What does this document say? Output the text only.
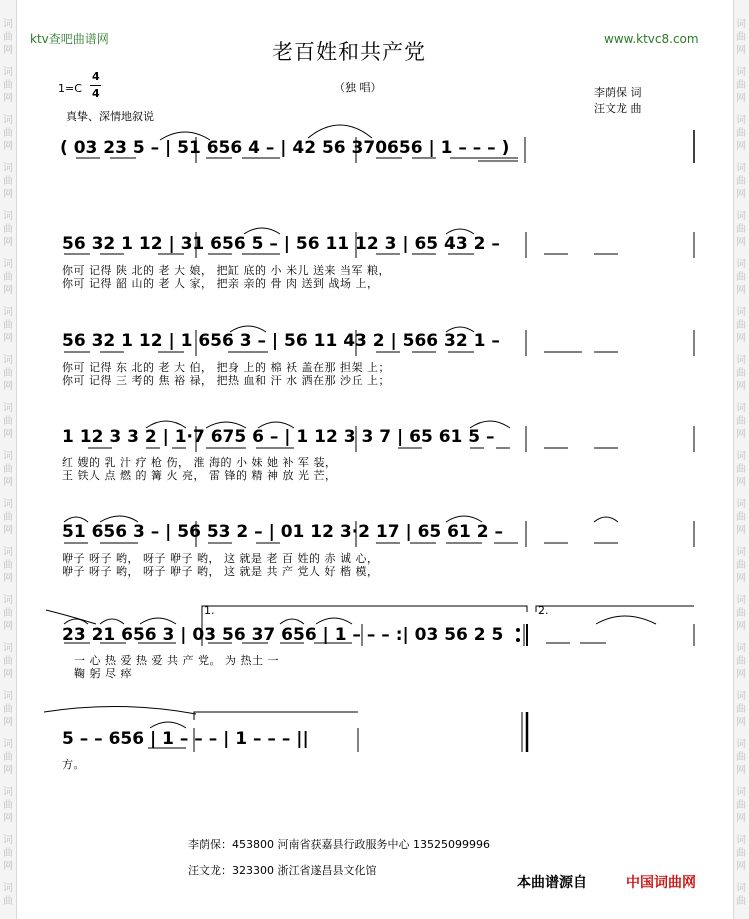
词
曲
网
词
曲
网
词
曲
网
词
曲
网
词
曲
网
词
曲
网
词
曲
网
词
曲
网
词
曲
网
词
曲
网
词
曲
网
词
曲
网
词
曲
网
词
曲
网
词
曲
网
词
曲
网
词
曲
网
词
曲
网
词
曲
词
曲
网
词
曲
网
词
曲
网
词
曲
网
词
曲
网
词
曲
网
词
曲
网
词
曲
网
词
曲
网
词
曲
网
词
曲
网
词
曲
网
词
曲
网
词
曲
网
词
曲
网
词
曲
网
词
曲
网
词
曲
网
词
曲
ktv查吧曲谱网	www.ktvc8.com
老百姓和共产党
（独 唱）	李荫保 词
汪文龙 曲
1=C
4
4
真挚、深情地叙说
( 03 23 5 – | 51 656 4 – | 42 56 370656 | 1 – – – )
56 32 1 12 | 31 656 5 – | 56 11 12 3 | 65 43 2 –
你可 记得 陕 北的 老 大 娘， 把缸 底的 小 米儿 送来 当军 粮，
你可 记得 韶 山的 老 人 家， 把亲 亲的 骨 肉 送到 战场 上，
56 32 1 12 | 1 656 3 – | 56 11 43 2 | 566 32 1 –
你可 记得 东 北的 老 大 伯， 把身 上的 棉 袄 盖在那 担架 上；
你可 记得 三 考的 焦 裕 禄， 把热 血和 汗 水 洒在那 沙丘 上；
1 12 3 3 2 | 1·7 675 6 – | 1 12 3 3 7 | 65 61 5 –
红 嫂的 乳 汁 疗 枪 伤， 淮 海的 小 妹 她 补 军 装，
王 铁人 点 燃 的 篝 火 亮， 雷 锋的 精 神 放 光 芒，
51 656 3 – | 56 53 2 – | 01 12 3·2 17 | 65 61 2 –
咿子 呀子 哟， 呀子 咿子 哟， 这 就是 老 百 姓的 赤 诚 心，
咿子 呀子 哟， 呀子 咿子 哟， 这 就是 共 产 党人 好 楷 模，
1.	2.
23 21 656 3 | 03 56 37 656 | 1 – – – :| 03 56 2 5
一 心 热 爱 热 爱 共 产 党。 为 热土 一
鞠 躬 尽 瘁
5 – – 656 | 1 – – – | 1 – – – ||
方。
李荫保：453800 河南省获嘉县行政服务中心 13525099996
汪文龙：323300 浙江省遂昌县文化馆
本曲谱源自	中国词曲网
